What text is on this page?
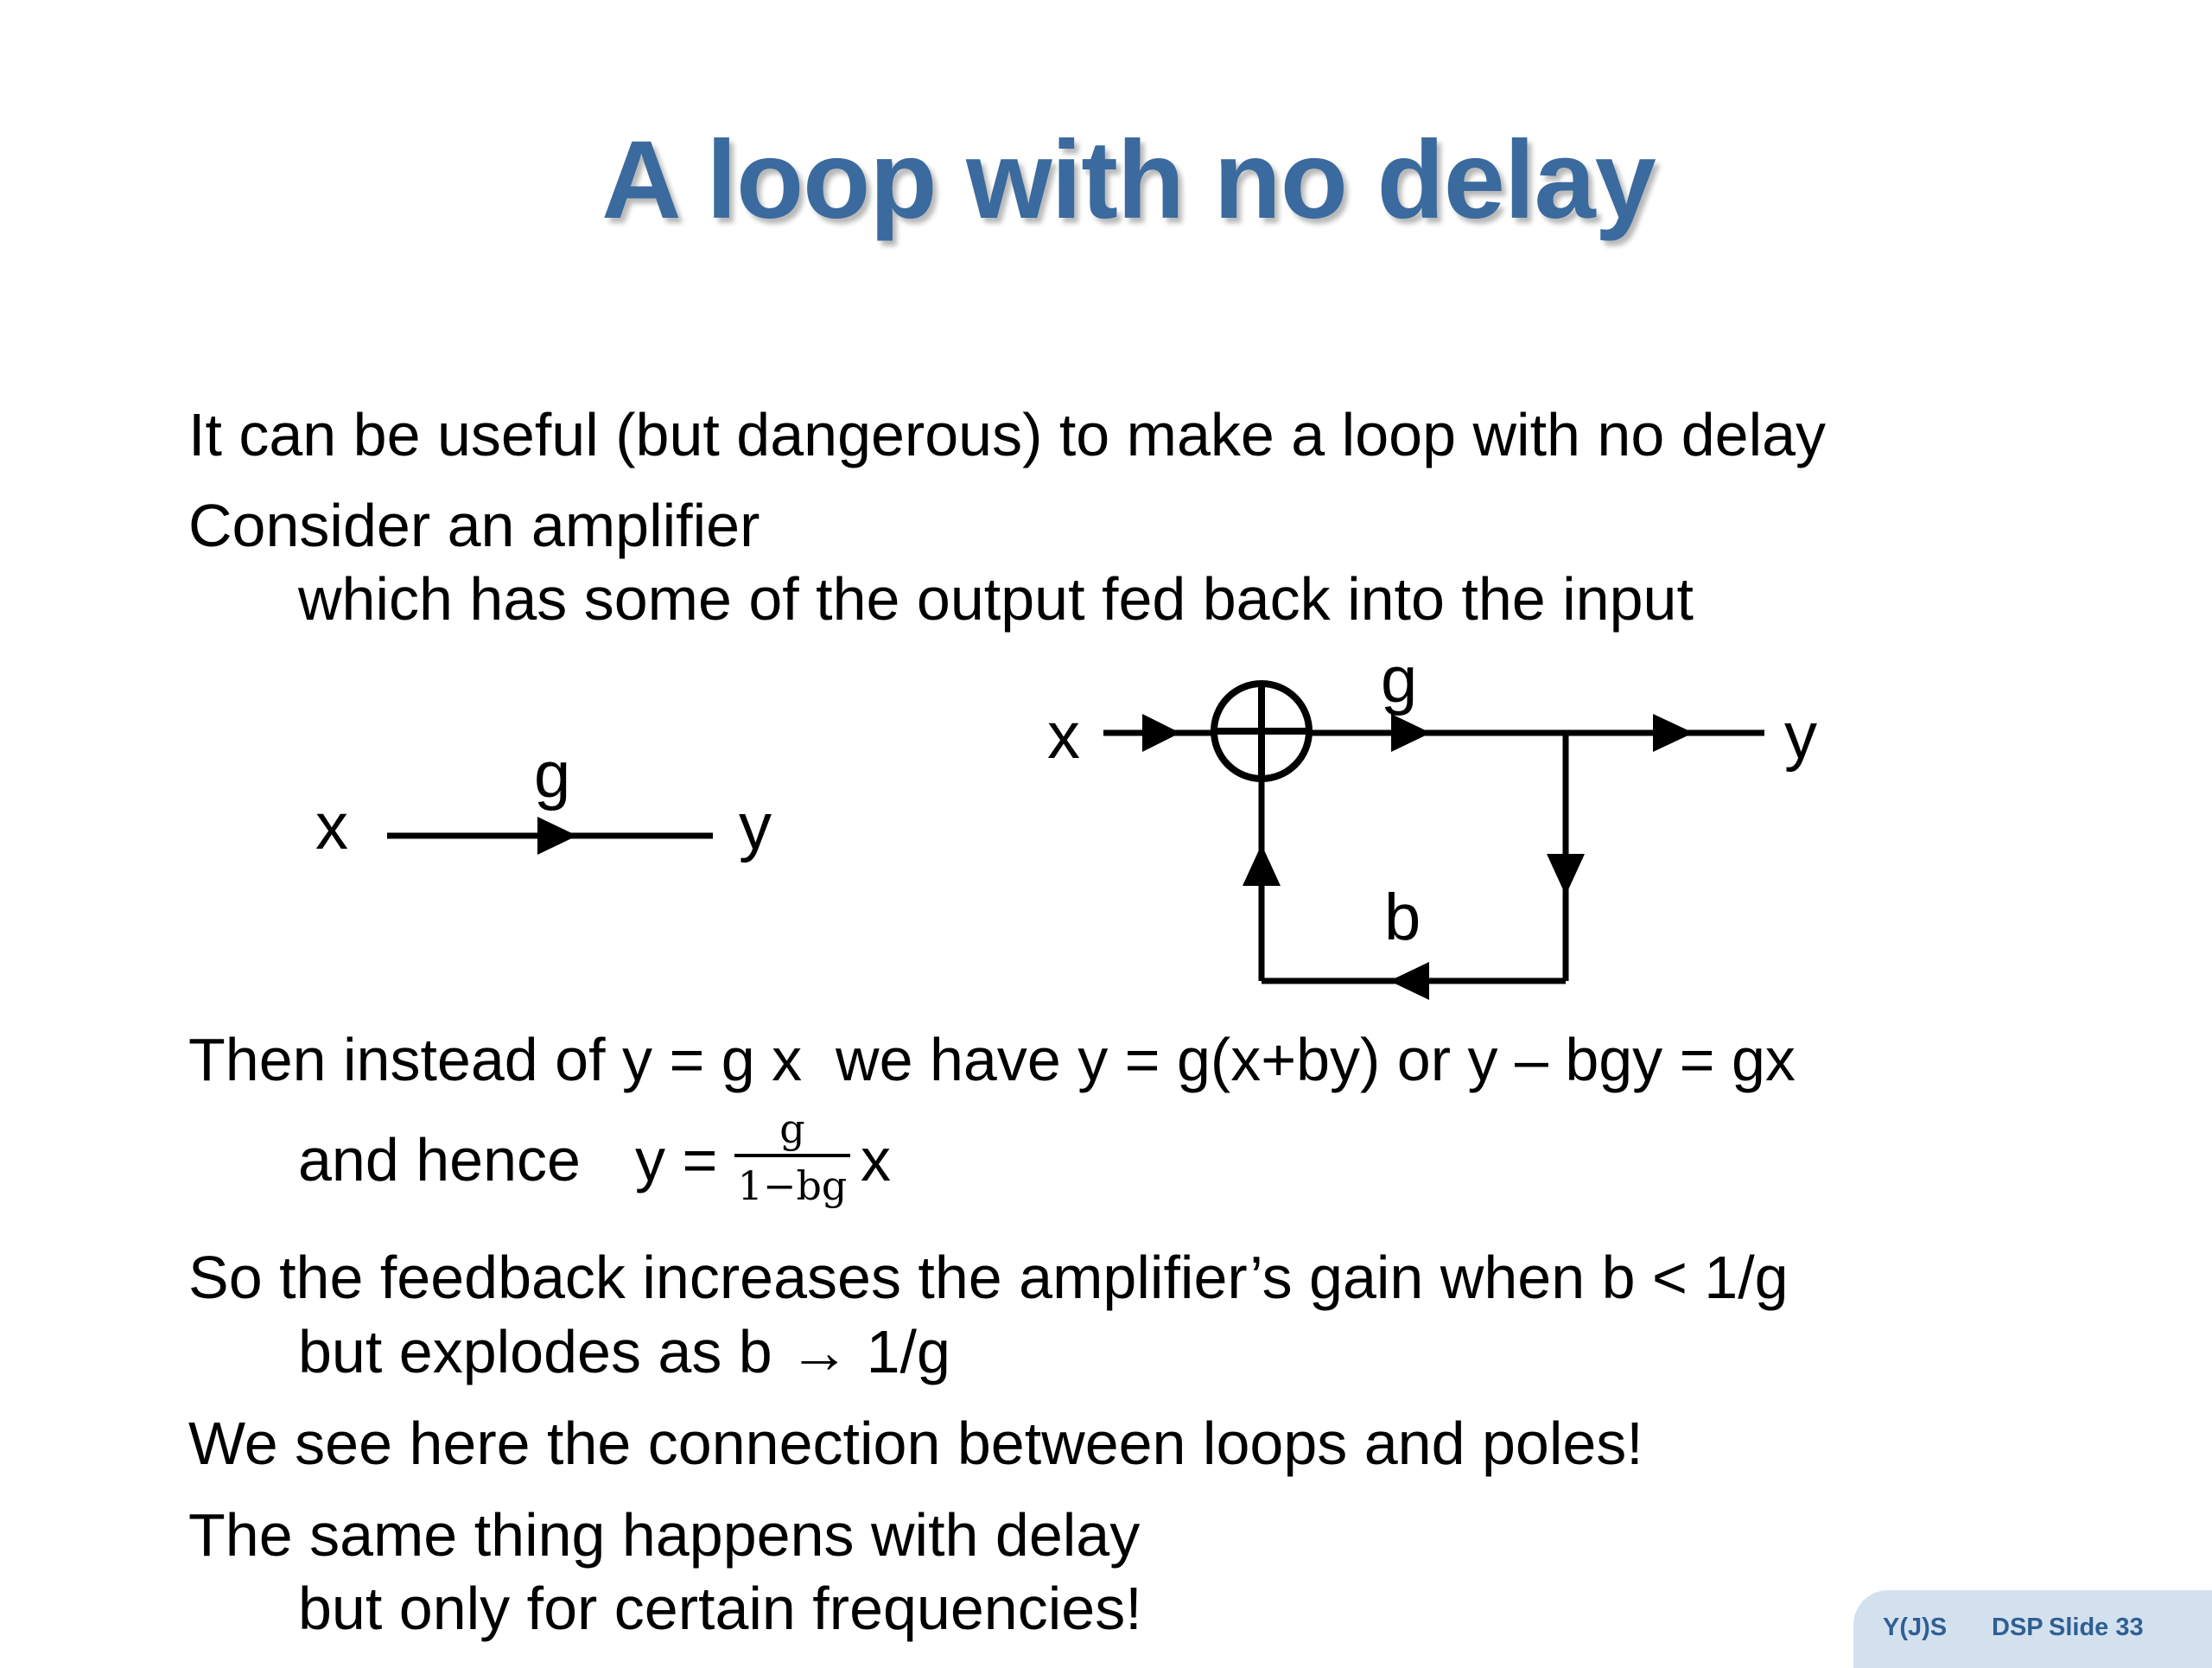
A loop with no delay
It can be useful (but dangerous) to make a loop with no delay
Consider an amplifier
which has some of the output fed back into the input
x
g
y
x
g
y
b
Then instead of y = g x  we have y = g(x+by) or y – bgy = gx
and hence y =	g
1−bg x
So the feedback increases the amplifier’s gain when b < 1/g
but explodes as b → 1/g
We see here the connection between loops and poles!
The same thing happens with delay
but only for certain frequencies!	Y(J)S DSP Slide 33
